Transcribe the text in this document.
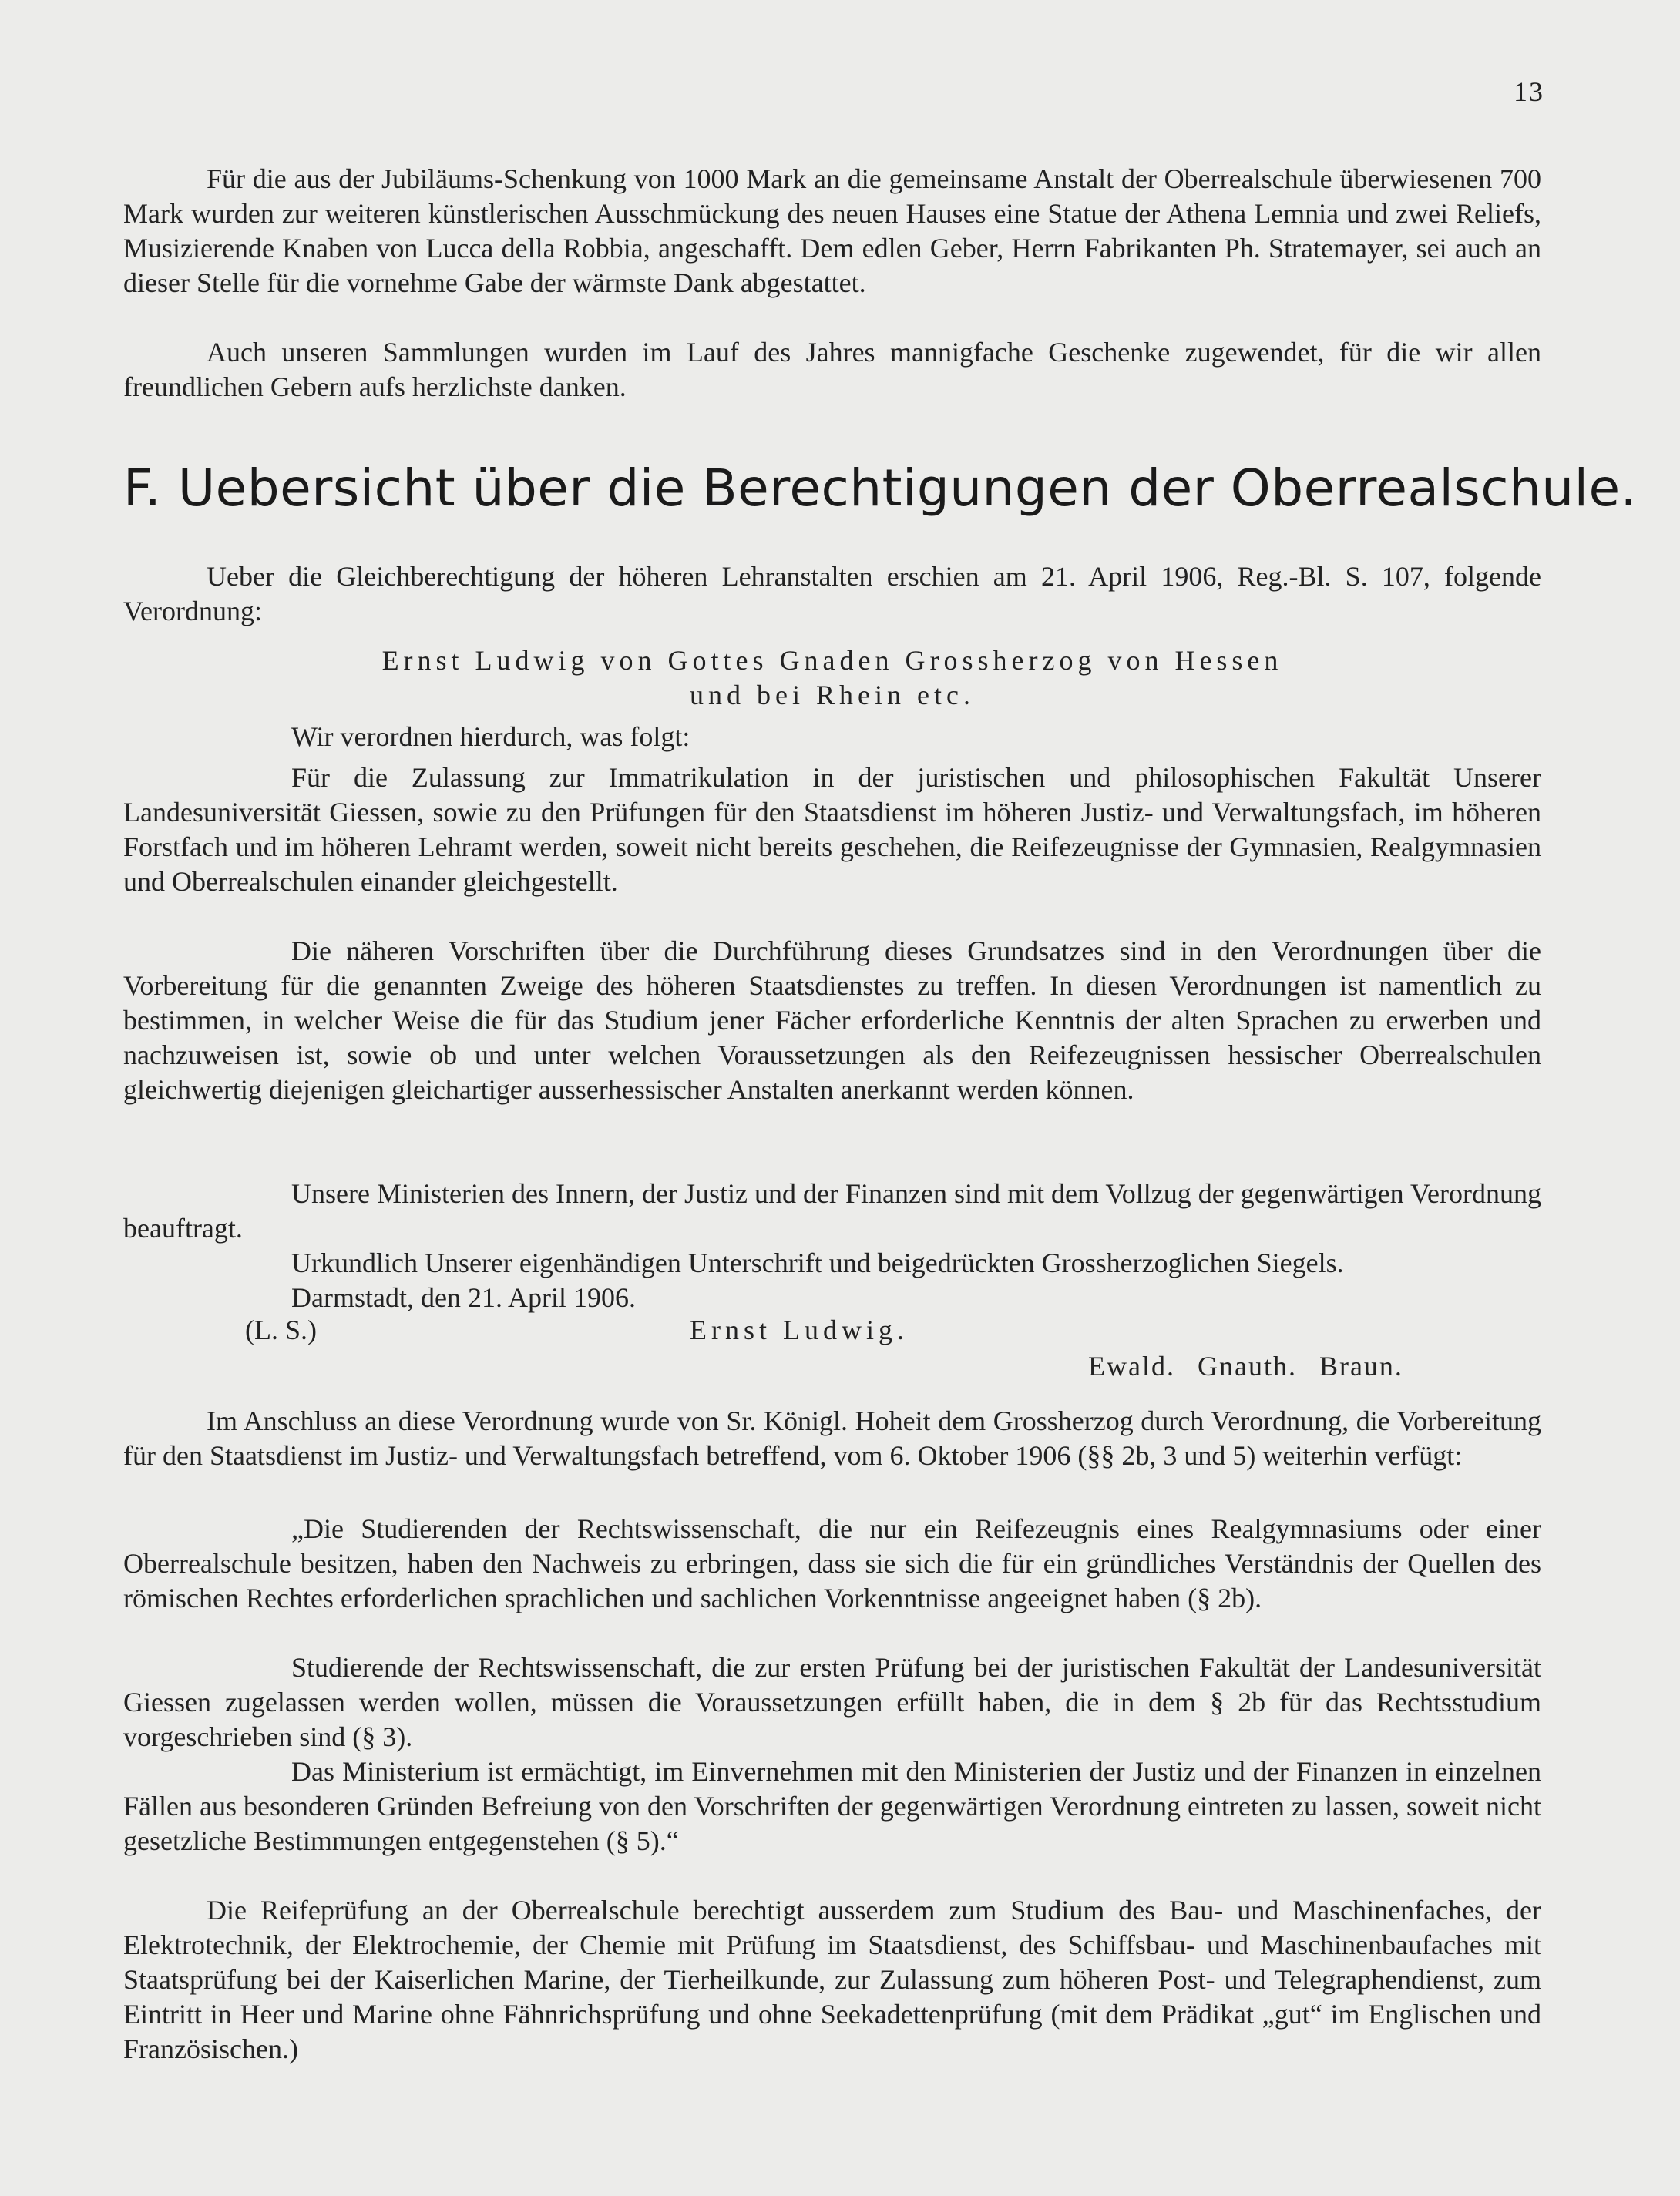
13

Für die aus der Jubiläums-Schenkung von 1000 Mark an die gemeinsame Anstalt der Oberrealschule überwiesenen 700 Mark wurden zur weiteren künstlerischen Ausschmückung des neuen Hauses eine Statue der Athena Lemnia und zwei Reliefs, Musizierende Knaben von Lucca della Robbia, angeschafft. Dem edlen Geber, Herrn Fabrikanten Ph. Stratemayer, sei auch an dieser Stelle für die vornehme Gabe der wärmste Dank abgestattet.

Auch unseren Sammlungen wurden im Lauf des Jahres mannigfache Geschenke zugewendet, für die wir allen freundlichen Gebern aufs herzlichste danken.

F. Uebersicht über die Berechtigungen der Oberrealschule.

Ueber die Gleichberechtigung der höheren Lehranstalten erschien am 21. April 1906, Reg.-Bl. S. 107, folgende Verordnung:

Ernst Ludwig von Gottes Gnaden Grossherzog von Hessen

und bei Rhein etc.

Wir verordnen hierdurch, was folgt:

Für die Zulassung zur Immatrikulation in der juristischen und philosophischen Fakultät Unserer Landesuniversität Giessen, sowie zu den Prüfungen für den Staatsdienst im höheren Justiz- und Verwaltungsfach, im höheren Forstfach und im höheren Lehramt werden, soweit nicht bereits geschehen, die Reifezeugnisse der Gymnasien, Realgymnasien und Oberrealschulen einander gleichgestellt.

Die näheren Vorschriften über die Durchführung dieses Grundsatzes sind in den Verordnungen über die Vorbereitung für die genannten Zweige des höheren Staatsdienstes zu treffen. In diesen Verordnungen ist namentlich zu bestimmen, in welcher Weise die für das Studium jener Fächer erforderliche Kenntnis der alten Sprachen zu erwerben und nachzuweisen ist, sowie ob und unter welchen Voraussetzungen als den Reifezeugnissen hessischer Oberrealschulen gleichwertig diejenigen gleichartiger ausserhessischer Anstalten anerkannt werden können.

Unsere Ministerien des Innern, der Justiz und der Finanzen sind mit dem Vollzug der gegenwärtigen Verordnung beauftragt.

Urkundlich Unserer eigenhändigen Unterschrift und beigedrückten Grossherzoglichen Siegels.

Darmstadt, den 21. April 1906.

(L. S.)	Ernst Ludwig.
Ewald. Gnauth. Braun.

Im Anschluss an diese Verordnung wurde von Sr. Königl. Hoheit dem Grossherzog durch Verordnung, die Vorbereitung für den Staatsdienst im Justiz- und Verwaltungsfach betreffend, vom 6. Oktober 1906 (§§ 2b, 3 und 5) weiterhin verfügt:

„Die Studierenden der Rechtswissenschaft, die nur ein Reifezeugnis eines Realgymnasiums oder einer Oberrealschule besitzen, haben den Nachweis zu erbringen, dass sie sich die für ein gründliches Verständnis der Quellen des römischen Rechtes erforderlichen sprachlichen und sachlichen Vorkenntnisse angeeignet haben (§ 2b).

Studierende der Rechtswissenschaft, die zur ersten Prüfung bei der juristischen Fakultät der Landesuniversität Giessen zugelassen werden wollen, müssen die Voraussetzungen erfüllt haben, die in dem § 2b für das Rechtsstudium vorgeschrieben sind (§ 3).

Das Ministerium ist ermächtigt, im Einvernehmen mit den Ministerien der Justiz und der Finanzen in einzelnen Fällen aus besonderen Gründen Befreiung von den Vorschriften der gegenwärtigen Verordnung eintreten zu lassen, soweit nicht gesetzliche Bestimmungen entgegenstehen (§ 5).“

Die Reifeprüfung an der Oberrealschule berechtigt ausserdem zum Studium des Bau- und Maschinenfaches, der Elektrotechnik, der Elektrochemie, der Chemie mit Prüfung im Staatsdienst, des Schiffsbau- und Maschinenbaufaches mit Staatsprüfung bei der Kaiserlichen Marine, der Tierheilkunde, zur Zulassung zum höheren Post- und Telegraphendienst, zum Eintritt in Heer und Marine ohne Fähnrichsprüfung und ohne Seekadettenprüfung (mit dem Prädikat „gut“ im Englischen und Französischen.)
